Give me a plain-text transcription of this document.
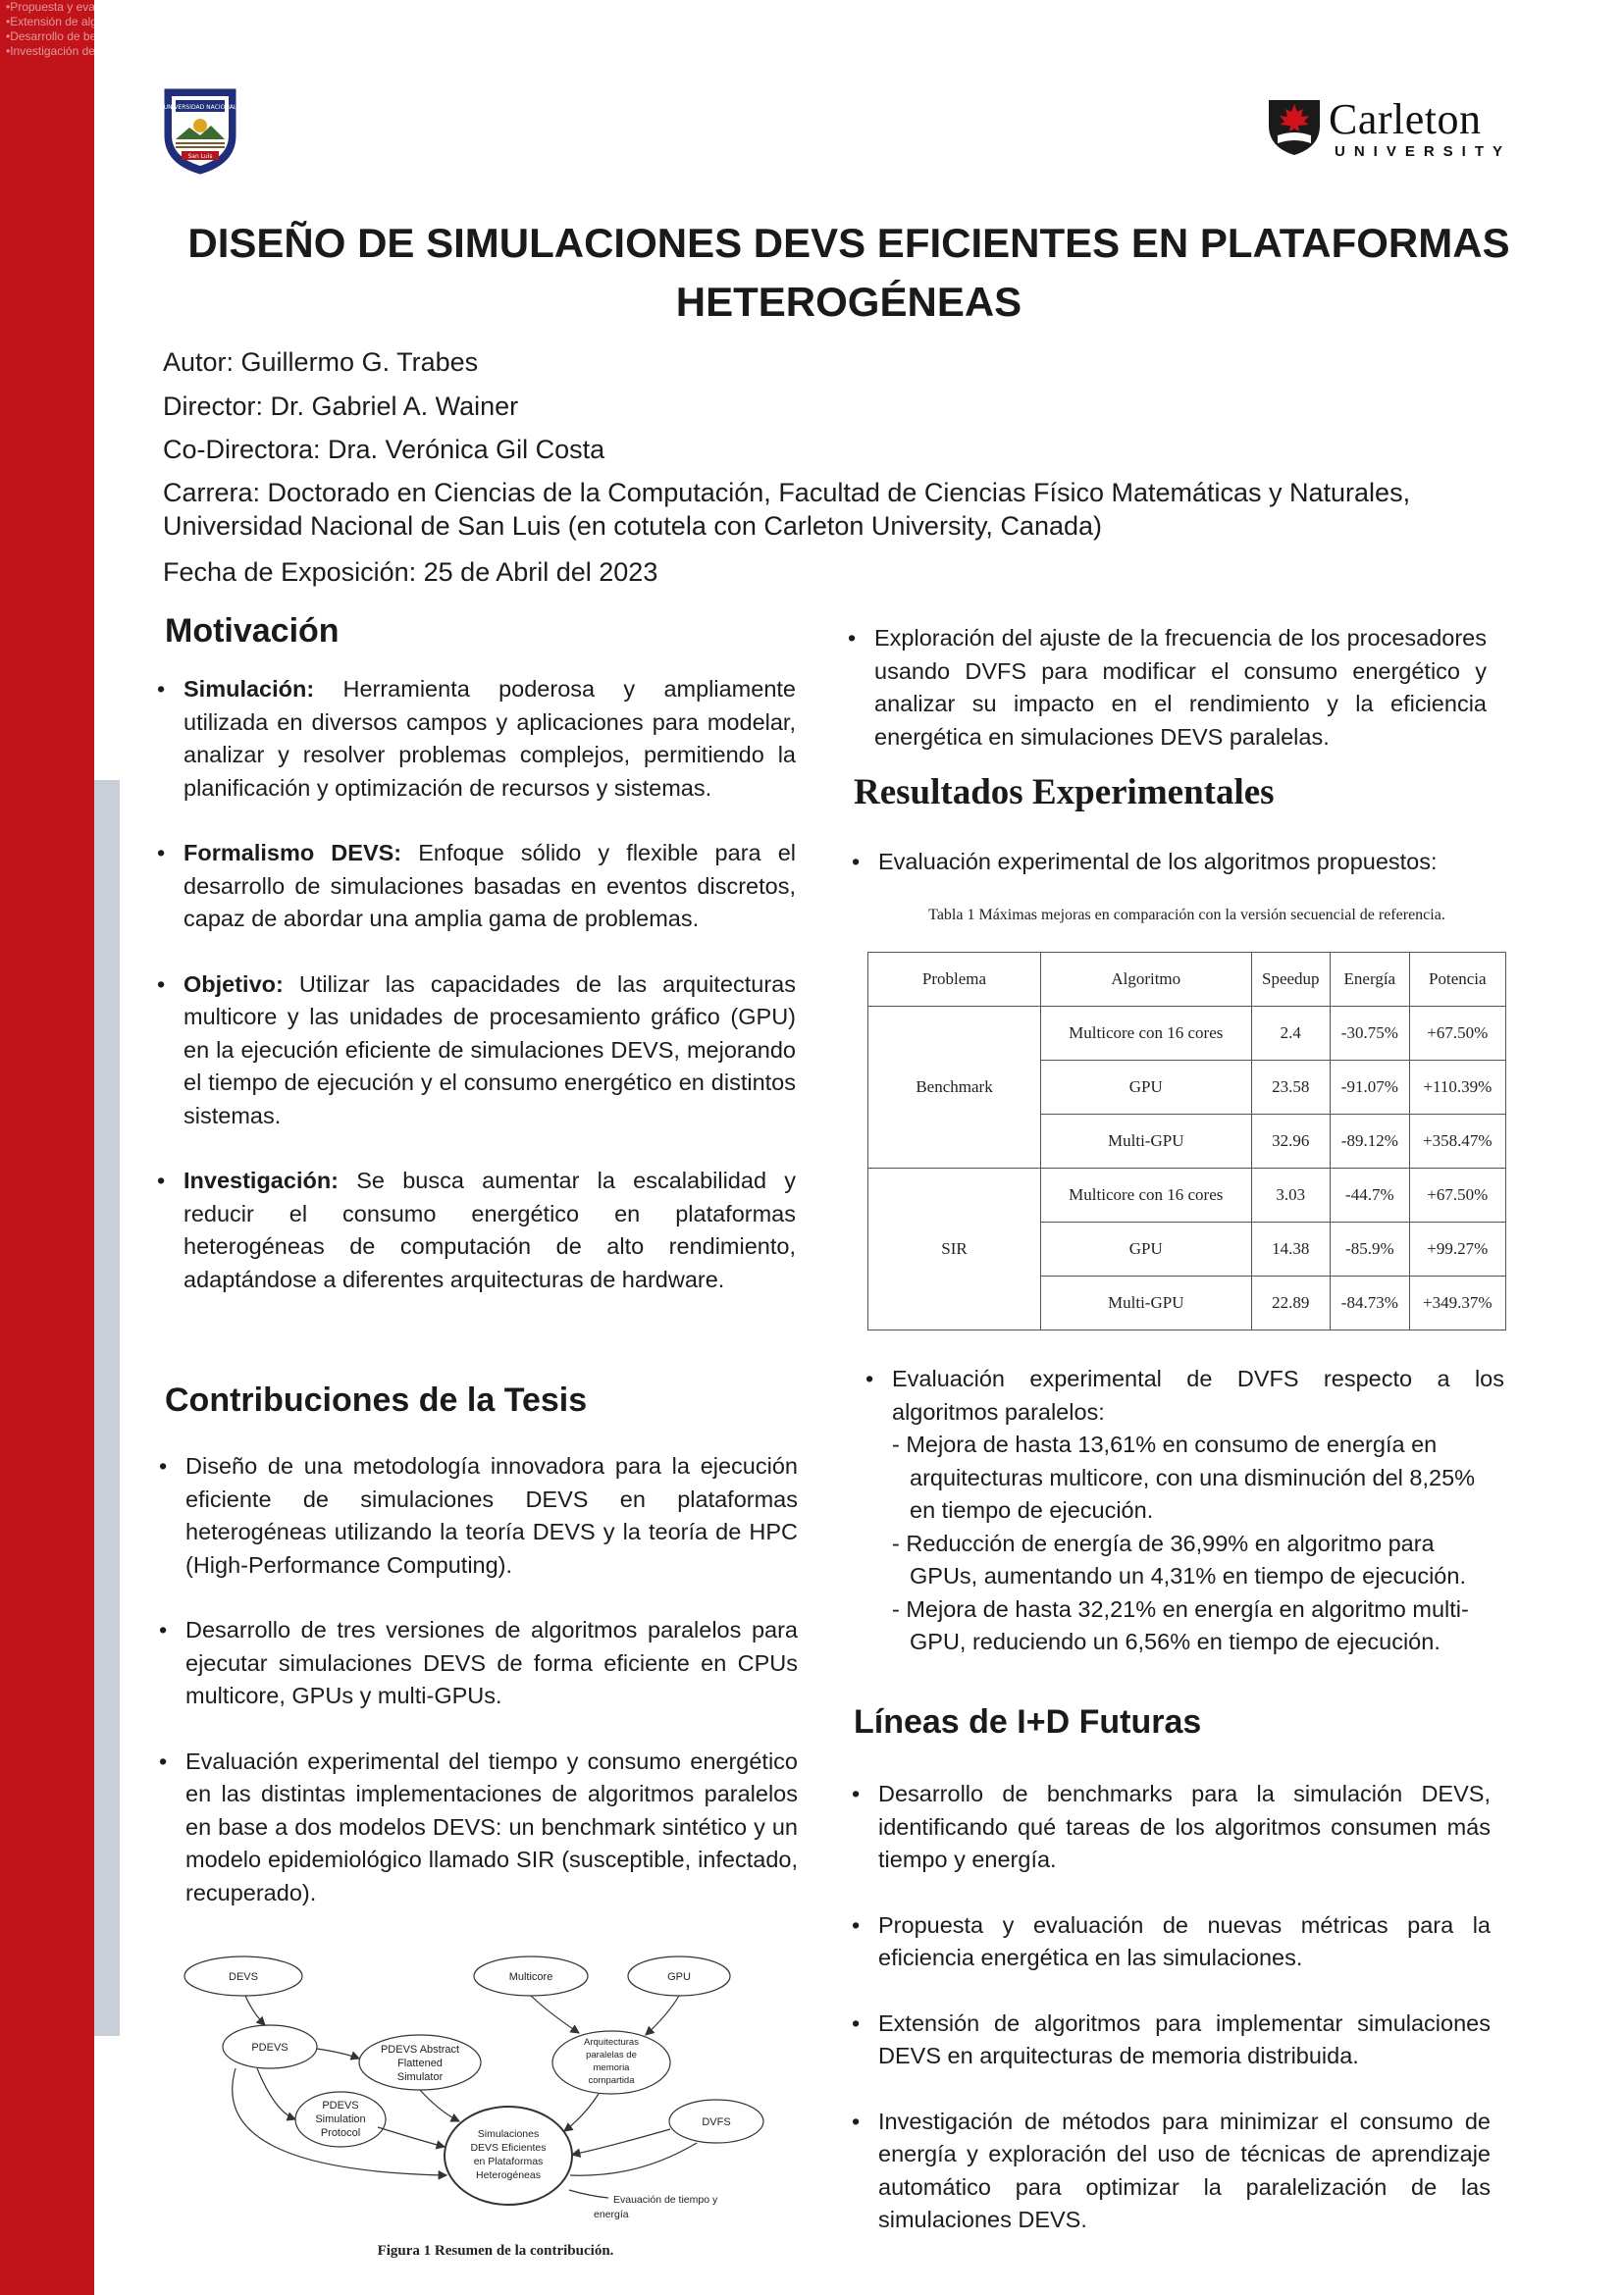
•Propuesta y evaluación de nuevas métricas para la eficiencia energética en las simulaciones.
•Extensión de algoritmos para implementar simulaciones DEVS en arquitecturas de memoria distribuida.
•Desarrollo de benchmarks para la simulación DEVS, identificando qué tareas de los algoritmos consumen más tiempo y energía.
•Investigación de métodos para minimizar el consumo de energía y exploración del uso de técnicas de aprendizaje automático para optimizar la paralelización de las simulaciones DEVS.
UNIVERSIDAD NACIONAL
San Luis
Carleton
UNIVERSITY
DISEÑO DE SIMULACIONES DEVS EFICIENTES EN PLATAFORMAS
HETEROGÉNEAS
Autor: Guillermo G. Trabes
Director: Dr. Gabriel A. Wainer
Co-Directora: Dra. Verónica Gil Costa
Carrera: Doctorado en Ciencias de la Computación, Facultad de Ciencias Físico Matemáticas y Naturales,
Universidad Nacional de San Luis (en cotutela con Carleton University, Canada)
Fecha de Exposición: 25 de Abril del 2023
Motivación
• Simulación: Herramienta poderosa y ampliamente utilizada en diversos campos y aplicaciones para modelar, analizar y resolver problemas complejos, permitiendo la planificación y optimización de recursos y sistemas.
• Formalismo DEVS: Enfoque sólido y flexible para el desarrollo de simulaciones basadas en eventos discretos, capaz de abordar una amplia gama de problemas.
• Objetivo: Utilizar las capacidades de las arquitecturas multicore y las unidades de procesamiento gráfico (GPU) en la ejecución eficiente de simulaciones DEVS, mejorando el tiempo de ejecución y el consumo energético en distintos sistemas.
• Investigación: Se busca aumentar la escalabilidad y reducir el consumo energético en plataformas heterogéneas de computación de alto rendimiento, adaptándose a diferentes arquitecturas de hardware.
Contribuciones de la Tesis
• Diseño de una metodología innovadora para la ejecución eficiente de simulaciones DEVS en plataformas heterogéneas utilizando la teoría DEVS y la teoría de HPC (High-Performance Computing).
• Desarrollo de tres versiones de algoritmos paralelos para ejecutar simulaciones DEVS de forma eficiente en CPUs multicore, GPUs y multi-GPUs.
• Evaluación experimental del tiempo y consumo energético en las distintas implementaciones de algoritmos paralelos en base a dos modelos DEVS: un benchmark sintético y un modelo epidemiológico llamado SIR (susceptible, infectado, recuperado).
DEVS	Multicore	GPU
PDEVS	PDEVS Abstract
Flattened
Simulator
Arquitecturas
paralelas de
memoria
compartida
PDEVS
Simulation
Protocol
DVFS
Simulaciones
DEVS Eficientes
en Plataformas
Heterogéneas
Evauación de tiempo y
energía
Figura 1 Resumen de la contribución.
• Exploración del ajuste de la frecuencia de los procesadores usando DVFS para modificar el consumo energético y analizar su impacto en el rendimiento y la eficiencia energética en simulaciones DEVS paralelas.
Resultados Experimentales
• Evaluación experimental de los algoritmos propuestos:
Tabla 1 Máximas mejoras en comparación con la versión secuencial de referencia.
Problema	Algoritmo	Speedup	Energía	Potencia
Benchmark	Multicore con 16 cores	2.4	-30.75%	+67.50%
	GPU	23.58	-91.07%	+110.39%
	Multi-GPU	32.96	-89.12%	+358.47%
SIR	Multicore con 16 cores	3.03	-44.7%	+67.50%
	GPU	14.38	-85.9%	+99.27%
	Multi-GPU	22.89	-84.73%	+349.37%
• Evaluación experimental de DVFS respecto a los algoritmos paralelos:
- Mejora de hasta 13,61% en consumo de energía en arquitecturas multicore, con una disminución del 8,25% en tiempo de ejecución.
- Reducción de energía de 36,99% en algoritmo para GPUs, aumentando un 4,31% en tiempo de ejecución.
- Mejora de hasta 32,21% en energía en algoritmo multi-GPU, reduciendo un 6,56% en tiempo de ejecución.
Líneas de I+D Futuras
• Desarrollo de benchmarks para la simulación DEVS, identificando qué tareas de los algoritmos consumen más tiempo y energía.
• Propuesta y evaluación de nuevas métricas para la eficiencia energética en las simulaciones.
• Extensión de algoritmos para implementar simulaciones DEVS en arquitecturas de memoria distribuida.
• Investigación de métodos para minimizar el consumo de energía y exploración del uso de técnicas de aprendizaje automático para optimizar la paralelización de las simulaciones DEVS.
